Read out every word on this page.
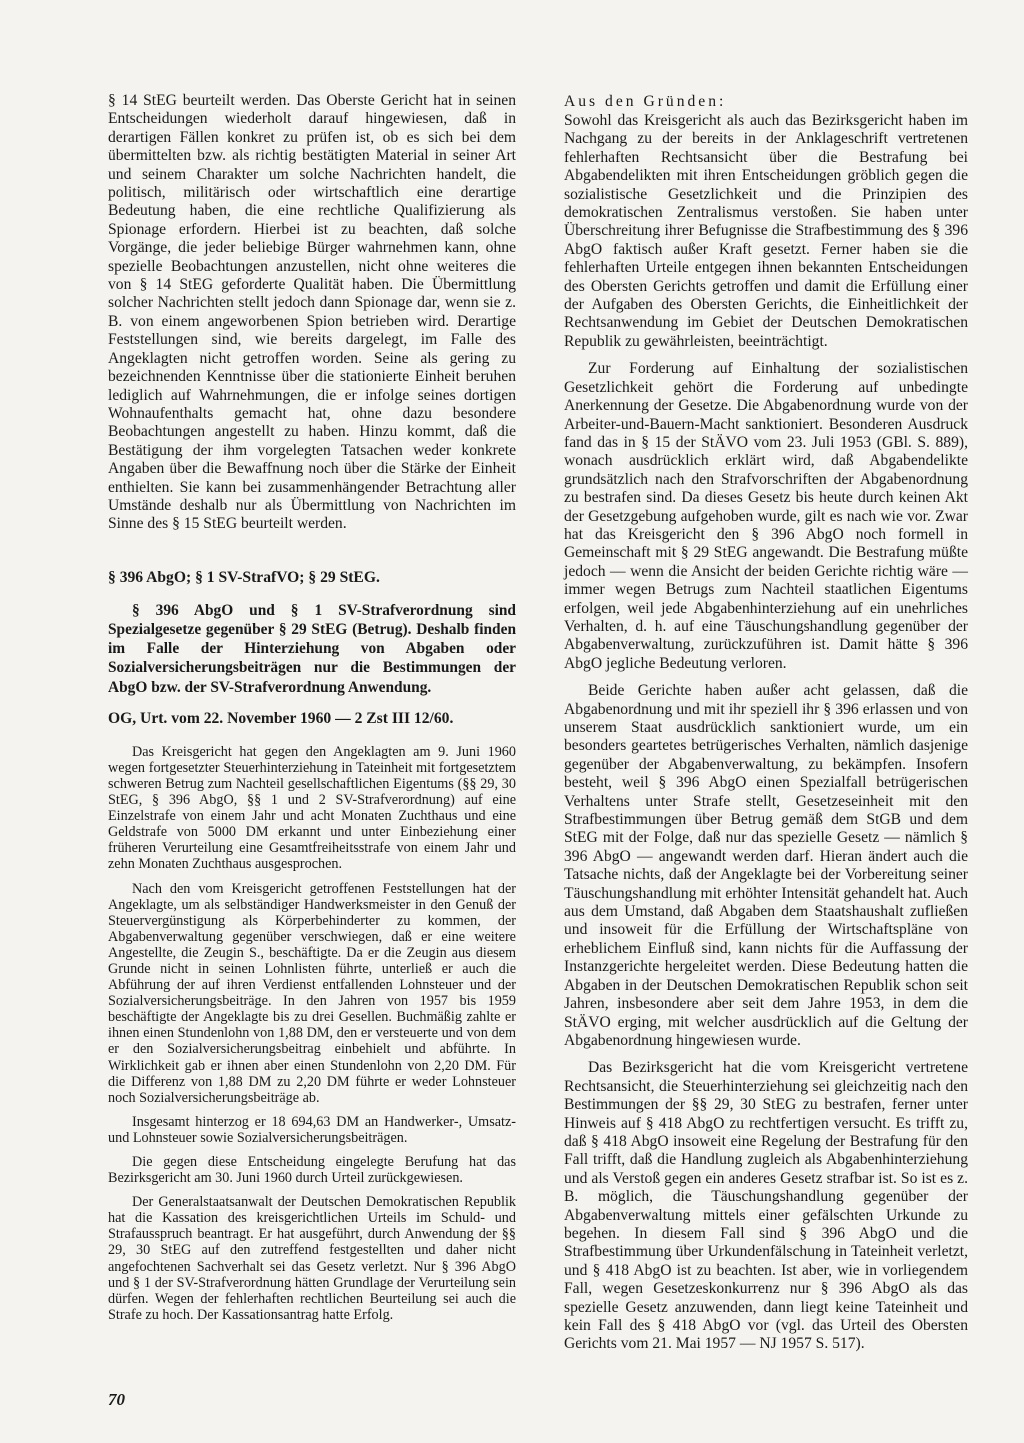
§ 14 StEG beurteilt werden. Das Oberste Gericht hat in seinen Entscheidungen wiederholt darauf hingewiesen, daß in derartigen Fällen konkret zu prüfen ist, ob es sich bei dem übermittelten bzw. als richtig bestätigten Material in seiner Art und seinem Charakter um solche Nachrichten handelt, die politisch, militärisch oder wirtschaftlich eine derartige Bedeutung haben, die eine rechtliche Qualifizierung als Spionage erfordern. Hierbei ist zu beachten, daß solche Vorgänge, die jeder beliebige Bürger wahrnehmen kann, ohne spezielle Beobachtungen anzustellen, nicht ohne weiteres die von § 14 StEG geforderte Qualität haben. Die Übermittlung solcher Nachrichten stellt jedoch dann Spionage dar, wenn sie z. B. von einem angeworbenen Spion betrieben wird. Derartige Feststellungen sind, wie bereits dargelegt, im Falle des Angeklagten nicht getroffen worden. Seine als gering zu bezeichnenden Kenntnisse über die stationierte Einheit beruhen lediglich auf Wahrnehmungen, die er infolge seines dortigen Wohnaufenthalts gemacht hat, ohne dazu besondere Beobachtungen angestellt zu haben. Hinzu kommt, daß die Bestätigung der ihm vorgelegten Tatsachen weder konkrete Angaben über die Bewaffnung noch über die Stärke der Einheit enthielten. Sie kann bei zusammenhängender Betrachtung aller Umstände deshalb nur als Übermittlung von Nachrichten im Sinne des § 15 StEG beurteilt werden.

§ 396 AbgO; § 1 SV-StrafVO; § 29 StEG.

§ 396 AbgO und § 1 SV-Strafverordnung sind Spezialgesetze gegenüber § 29 StEG (Betrug). Deshalb finden im Falle der Hinterziehung von Abgaben oder Sozialversicherungsbeiträgen nur die Bestimmungen der AbgO bzw. der SV-Strafverordnung Anwendung.

OG, Urt. vom 22. November 1960 — 2 Zst III 12/60.

Das Kreisgericht hat gegen den Angeklagten am 9. Juni 1960 wegen fortgesetzter Steuerhinterziehung in Tateinheit mit fortgesetztem schweren Betrug zum Nachteil gesellschaftlichen Eigentums (§§ 29, 30 StEG, § 396 AbgO, §§ 1 und 2 SV-Strafverordnung) auf eine Einzelstrafe von einem Jahr und acht Monaten Zuchthaus und eine Geldstrafe von 5000 DM erkannt und unter Einbeziehung einer früheren Verurteilung eine Gesamtfreiheitsstrafe von einem Jahr und zehn Monaten Zuchthaus ausgesprochen.

Nach den vom Kreisgericht getroffenen Feststellungen hat der Angeklagte, um als selbständiger Handwerksmeister in den Genuß der Steuervergünstigung als Körperbehinderter zu kommen, der Abgabenverwaltung gegenüber verschwiegen, daß er eine weitere Angestellte, die Zeugin S., beschäftigte. Da er die Zeugin aus diesem Grunde nicht in seinen Lohnlisten führte, unterließ er auch die Abführung der auf ihren Verdienst entfallenden Lohnsteuer und der Sozialversicherungsbeiträge. In den Jahren von 1957 bis 1959 beschäftigte der Angeklagte bis zu drei Gesellen. Buchmäßig zahlte er ihnen einen Stundenlohn von 1,88 DM, den er versteuerte und von dem er den Sozialversicherungsbeitrag einbehielt und abführte. In Wirklichkeit gab er ihnen aber einen Stundenlohn von 2,20 DM. Für die Differenz von 1,88 DM zu 2,20 DM führte er weder Lohnsteuer noch Sozialversicherungsbeiträge ab.

Insgesamt hinterzog er 18 694,63 DM an Handwerker-, Umsatz- und Lohnsteuer sowie Sozialversicherungsbeiträgen.

Die gegen diese Entscheidung eingelegte Berufung hat das Bezirksgericht am 30. Juni 1960 durch Urteil zurückgewiesen.

Der Generalstaatsanwalt der Deutschen Demokratischen Republik hat die Kassation des kreisgerichtlichen Urteils im Schuld- und Strafausspruch beantragt. Er hat ausgeführt, durch Anwendung der §§ 29, 30 StEG auf den zutreffend festgestellten und daher nicht angefochtenen Sachverhalt sei das Gesetz verletzt. Nur § 396 AbgO und § 1 der SV-Strafverordnung hätten Grundlage der Verurteilung sein dürfen. Wegen der fehlerhaften rechtlichen Beurteilung sei auch die Strafe zu hoch. Der Kassationsantrag hatte Erfolg.

Aus den Gründen:

Sowohl das Kreisgericht als auch das Bezirksgericht haben im Nachgang zu der bereits in der Anklageschrift vertretenen fehlerhaften Rechtsansicht über die Bestrafung bei Abgabendelikten mit ihren Entscheidungen gröblich gegen die sozialistische Gesetzlichkeit und die Prinzipien des demokratischen Zentralismus verstoßen. Sie haben unter Überschreitung ihrer Befugnisse die Strafbestimmung des § 396 AbgO faktisch außer Kraft gesetzt. Ferner haben sie die fehlerhaften Urteile entgegen ihnen bekannten Entscheidungen des Obersten Gerichts getroffen und damit die Erfüllung einer der Aufgaben des Obersten Gerichts, die Einheitlichkeit der Rechtsanwendung im Gebiet der Deutschen Demokratischen Republik zu gewährleisten, beeinträchtigt.

Zur Forderung auf Einhaltung der sozialistischen Gesetzlichkeit gehört die Forderung auf unbedingte Anerkennung der Gesetze. Die Abgabenordnung wurde von der Arbeiter-und-Bauern-Macht sanktioniert. Besonderen Ausdruck fand das in § 15 der StÄVO vom 23. Juli 1953 (GBl. S. 889), wonach ausdrücklich erklärt wird, daß Abgabendelikte grundsätzlich nach den Strafvorschriften der Abgabenordnung zu bestrafen sind. Da dieses Gesetz bis heute durch keinen Akt der Gesetzgebung aufgehoben wurde, gilt es nach wie vor. Zwar hat das Kreisgericht den § 396 AbgO noch formell in Gemeinschaft mit § 29 StEG angewandt. Die Bestrafung müßte jedoch — wenn die Ansicht der beiden Gerichte richtig wäre — immer wegen Betrugs zum Nachteil staatlichen Eigentums erfolgen, weil jede Abgabenhinterziehung auf ein unehrliches Verhalten, d. h. auf eine Täuschungshandlung gegenüber der Abgabenverwaltung, zurückzuführen ist. Damit hätte § 396 AbgO jegliche Bedeutung verloren.

Beide Gerichte haben außer acht gelassen, daß die Abgabenordnung und mit ihr speziell ihr § 396 erlassen und von unserem Staat ausdrücklich sanktioniert wurde, um ein besonders geartetes betrügerisches Verhalten, nämlich dasjenige gegenüber der Abgabenverwaltung, zu bekämpfen. Insofern besteht, weil § 396 AbgO einen Spezialfall betrügerischen Verhaltens unter Strafe stellt, Gesetzeseinheit mit den Strafbestimmungen über Betrug gemäß dem StGB und dem StEG mit der Folge, daß nur das spezielle Gesetz — nämlich § 396 AbgO — angewandt werden darf. Hieran ändert auch die Tatsache nichts, daß der Angeklagte bei der Vorbereitung seiner Täuschungshandlung mit erhöhter Intensität gehandelt hat. Auch aus dem Umstand, daß Abgaben dem Staatshaushalt zufließen und insoweit für die Erfüllung der Wirtschaftspläne von erheblichem Einfluß sind, kann nichts für die Auffassung der Instanzgerichte hergeleitet werden. Diese Bedeutung hatten die Abgaben in der Deutschen Demokratischen Republik schon seit Jahren, insbesondere aber seit dem Jahre 1953, in dem die StÄVO erging, mit welcher ausdrücklich auf die Geltung der Abgabenordnung hingewiesen wurde.

Das Bezirksgericht hat die vom Kreisgericht vertretene Rechtsansicht, die Steuerhinterziehung sei gleichzeitig nach den Bestimmungen der §§ 29, 30 StEG zu bestrafen, ferner unter Hinweis auf § 418 AbgO zu rechtfertigen versucht. Es trifft zu, daß § 418 AbgO insoweit eine Regelung der Bestrafung für den Fall trifft, daß die Handlung zugleich als Abgabenhinterziehung und als Verstoß gegen ein anderes Gesetz strafbar ist. So ist es z. B. möglich, die Täuschungshandlung gegenüber der Abgabenverwaltung mittels einer gefälschten Urkunde zu begehen. In diesem Fall sind § 396 AbgO und die Strafbestimmung über Urkundenfälschung in Tateinheit verletzt, und § 418 AbgO ist zu beachten. Ist aber, wie in vorliegendem Fall, wegen Gesetzeskonkurrenz nur § 396 AbgO als das spezielle Gesetz anzuwenden, dann liegt keine Tateinheit und kein Fall des § 418 AbgO vor (vgl. das Urteil des Obersten Gerichts vom 21. Mai 1957 — NJ 1957 S. 517).

70
